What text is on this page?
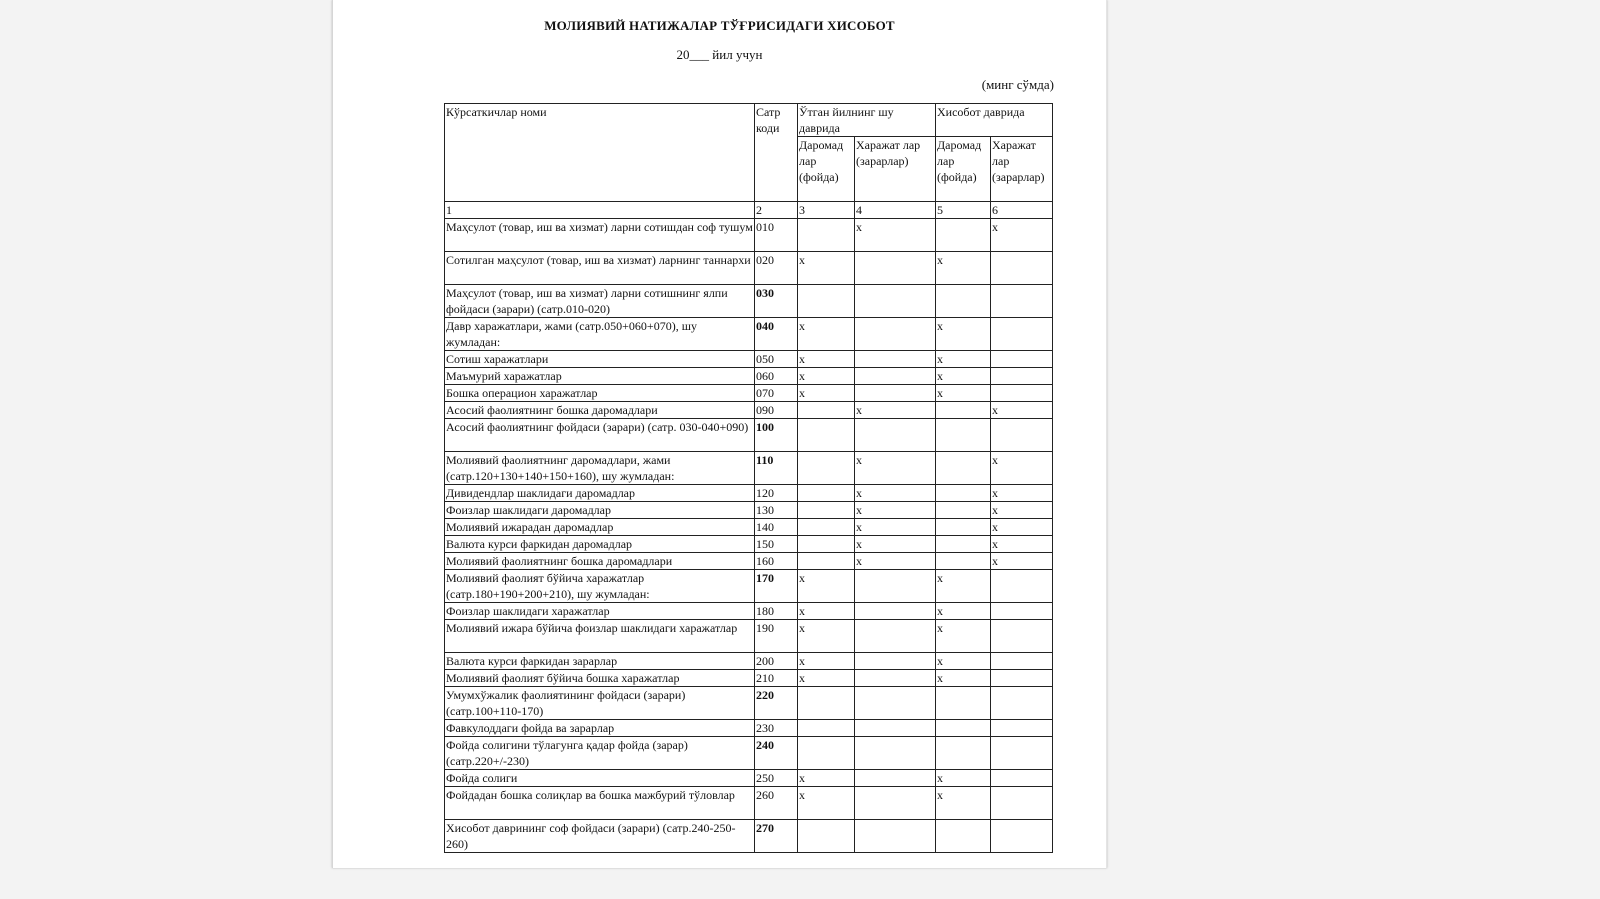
МОЛИЯВИЙ НАТИЖАЛАР ТЎҒРИСИДАГИ ХИСОБОТ
20___ йил учун
(минг сўмда)
Кўрсаткичлар номи	Сатр коди	Ўтган йилнинг шу даврида		Хисобот даврида	
		Даромад лар (фойда)	Харажат лар (зарарлар)	Даромад лар (фойда)	Харажат лар (зарарлар)
1	2	3	4	5	6
Маҳсулот (товар, иш ва хизмат) ларни сотишдан соф тушум	010		x		x
Сотилган маҳсулот (товар, иш ва хизмат) ларнинг таннархи	020	x		x	
Маҳсулот (товар, иш ва хизмат) ларни сотишнинг ялпи фойдаси (зарари) (сатр.010-020)	030				
Давр харажатлари, жами (сатр.050+060+070), шу жумладан:	040	x		x	
Сотиш харажатлари	050	x		x	
Маъмурий харажатлар	060	x		x	
Бошка операцион харажатлар	070	x		x	
Асосий фаолиятнинг бошка даромадлари	090		x		x
Асосий фаолиятнинг фойдаси (зарари) (сатр. 030-040+090)	100				
Молиявий фаолиятнинг даромадлари, жами (сатр.120+130+140+150+160), шу жумладан:	110		x		x
Дивидендлар шаклидаги даромадлар	120		x		x
Фоизлар шаклидаги даромадлар	130		x		x
Молиявий ижарадан даромадлар	140		x		x
Валюта курси фаркидан даромадлар	150		x		x
Молиявий фаолиятнинг бошка даромадлари	160		x		x
Молиявий фаолият бўйича харажатлар (сатр.180+190+200+210), шу жумладан:	170	x		x	
Фоизлар шаклидаги харажатлар	180	x		x	
Молиявий ижара бўйича фоизлар шаклидаги харажатлар	190	x		x	
Валюта курси фаркидан зарарлар	200	x		x	
Молиявий фаолият бўйича бошка харажатлар	210	x		x	
Умумхўжалик фаолиятининг фойдаси (зарари) (сатр.100+110-170)	220				
Фавкулоддаги фойда ва зарарлар	230				
Фойда солигини тўлагунга қадар фойда (зарар) (сатр.220+/-230)	240				
Фойда солиги	250	x		x	
Фойдадан бошка солиқлар ва бошка мажбурий тўловлар	260	x		x	
Хисобот даврининг соф фойдаси (зарари) (сатр.240-250-260)	270				
